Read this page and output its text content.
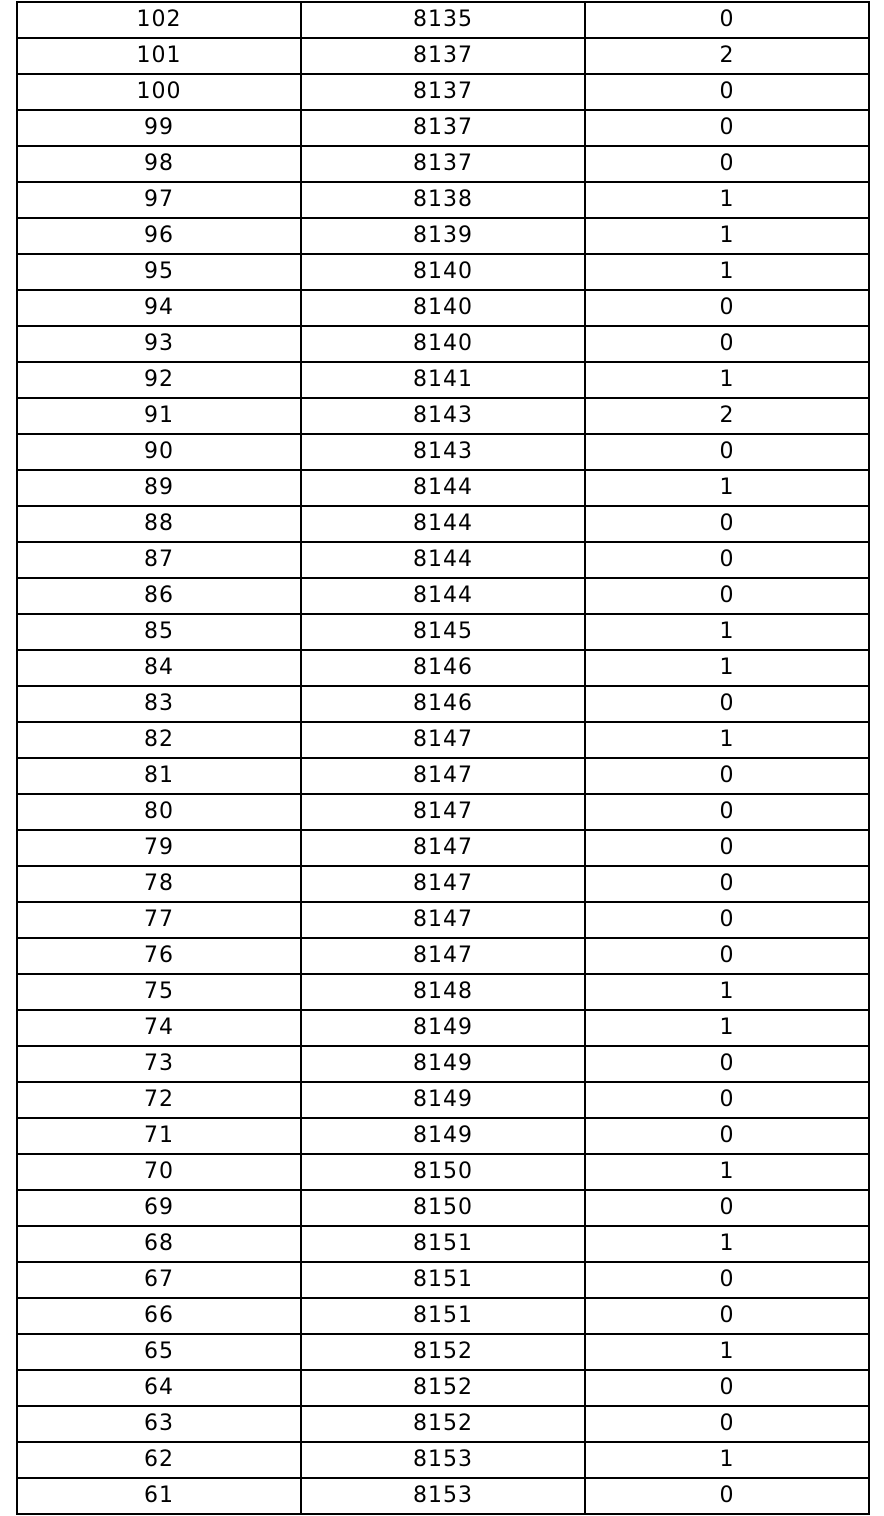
102	8135	0
101	8137	2
100	8137	0
99	8137	0
98	8137	0
97	8138	1
96	8139	1
95	8140	1
94	8140	0
93	8140	0
92	8141	1
91	8143	2
90	8143	0
89	8144	1
88	8144	0
87	8144	0
86	8144	0
85	8145	1
84	8146	1
83	8146	0
82	8147	1
81	8147	0
80	8147	0
79	8147	0
78	8147	0
77	8147	0
76	8147	0
75	8148	1
74	8149	1
73	8149	0
72	8149	0
71	8149	0
70	8150	1
69	8150	0
68	8151	1
67	8151	0
66	8151	0
65	8152	1
64	8152	0
63	8152	0
62	8153	1
61	8153	0
